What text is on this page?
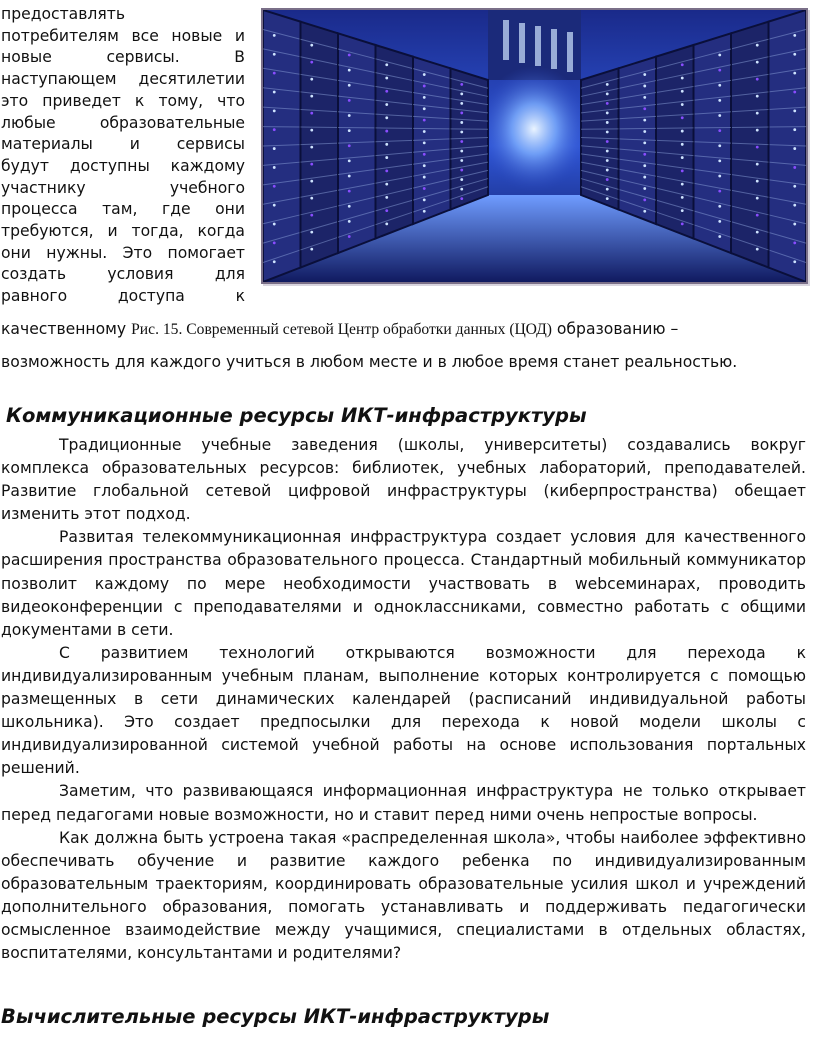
предоставлять
потребителям все новые и
новые сервисы. В
наступающем десятилетии
это приведет к тому, что
любые образовательные
материалы и сервисы
будут доступны каждому
участнику учебного
процесса там, где они
требуются, и тогда, когда
они нужны. Это помогает
создать условия для
равного доступа к
качественному Рис. 15. Современный сетевой Центр обработки данных (ЦОД) образованию –
возможность для каждого учиться в любом месте и в любое время станет реальностью.
Коммуникационные ресурсы ИКТ-инфраструктуры

Традиционные учебные заведения (школы, университеты) создавались вокруг комплекса образовательных ресурсов: библиотек, учебных лабораторий, преподавателей. Развитие глобальной сетевой цифровой инфраструктуры (киберпространства) обещает изменить этот подход.

Развитая телекоммуникационная инфраструктура создает условия для качественного расширения пространства образовательного процесса. Стандартный мобильный коммуникатор позволит каждому по мере необходимости участвовать в webсеминарах, проводить видеоконференции с преподавателями и одноклассниками, совместно работать с общими документами в сети.

С развитием технологий открываются возможности для перехода к индивидуализированным учебным планам, выполнение которых контролируется с помощью размещенных в сети динамических календарей (расписаний индивидуальной работы школьника). Это создает предпосылки для перехода к новой модели школы с индивидуализированной системой учебной работы на основе использования портальных решений.

Заметим, что развивающаяся информационная инфраструктура не только открывает перед педагогами новые возможности, но и ставит перед ними очень непростые вопросы.

Как должна быть устроена такая «распределенная школа», чтобы наиболее эффективно обеспечивать обучение и развитие каждого ребенка по индивидуализированным образовательным траекториям, координировать образовательные усилия школ и учреждений дополнительного образования, помогать устанавливать и поддерживать педагогически осмысленное взаимодействие между учащимися, специалистами в отдельных областях, воспитателями, консультантами и родителями?

Вычислительные ресурсы ИКТ-инфраструктуры
